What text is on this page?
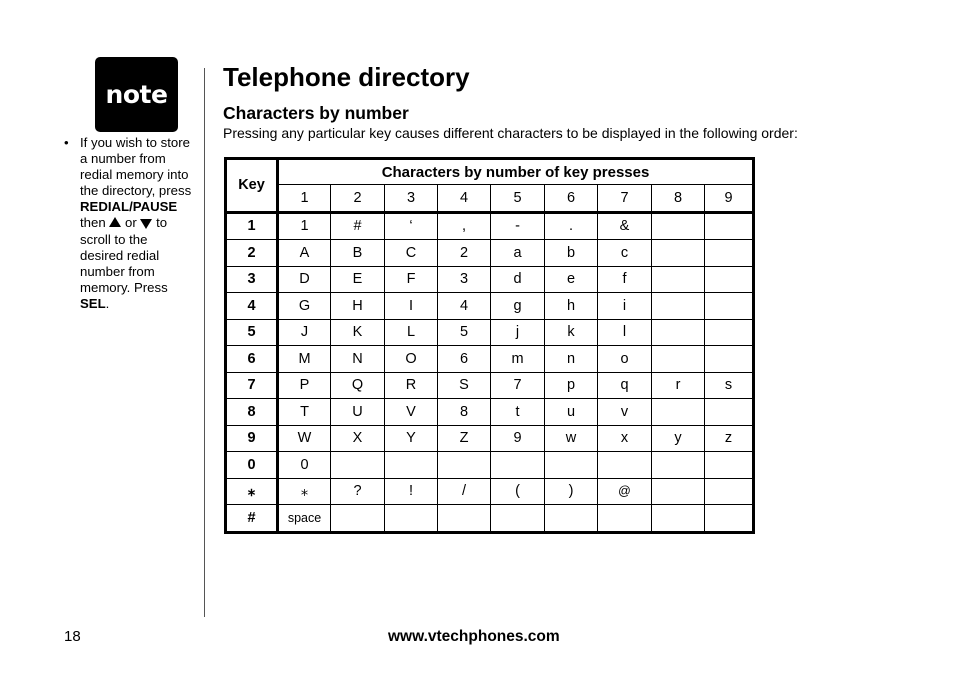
note
• If you wish to store a number from redial memory into the directory, press REDIAL/PAUSE then or to scroll to the desired redial number from memory. Press SEL.
Telephone directory
Characters by number

Pressing any particular key causes different characters to be displayed in the following order:

Key	Characters by number of key presses								
	1	2	3	4	5	6	7	8	9
1	1	#	‘	,	-	.	&		
2	A	B	C	2	a	b	c		
3	D	E	F	3	d	e	f		
4	G	H	I	4	g	h	i		
5	J	K	L	5	j	k	l		
6	M	N	O	6	m	n	o		
7	P	Q	R	S	7	p	q	r	s
8	T	U	V	8	t	u	v		
9	W	X	Y	Z	9	w	x	y	z
0	0								
⁎	⁎	?	!	/	(	)	@		
#	space								
18	www.vtechphones.com
